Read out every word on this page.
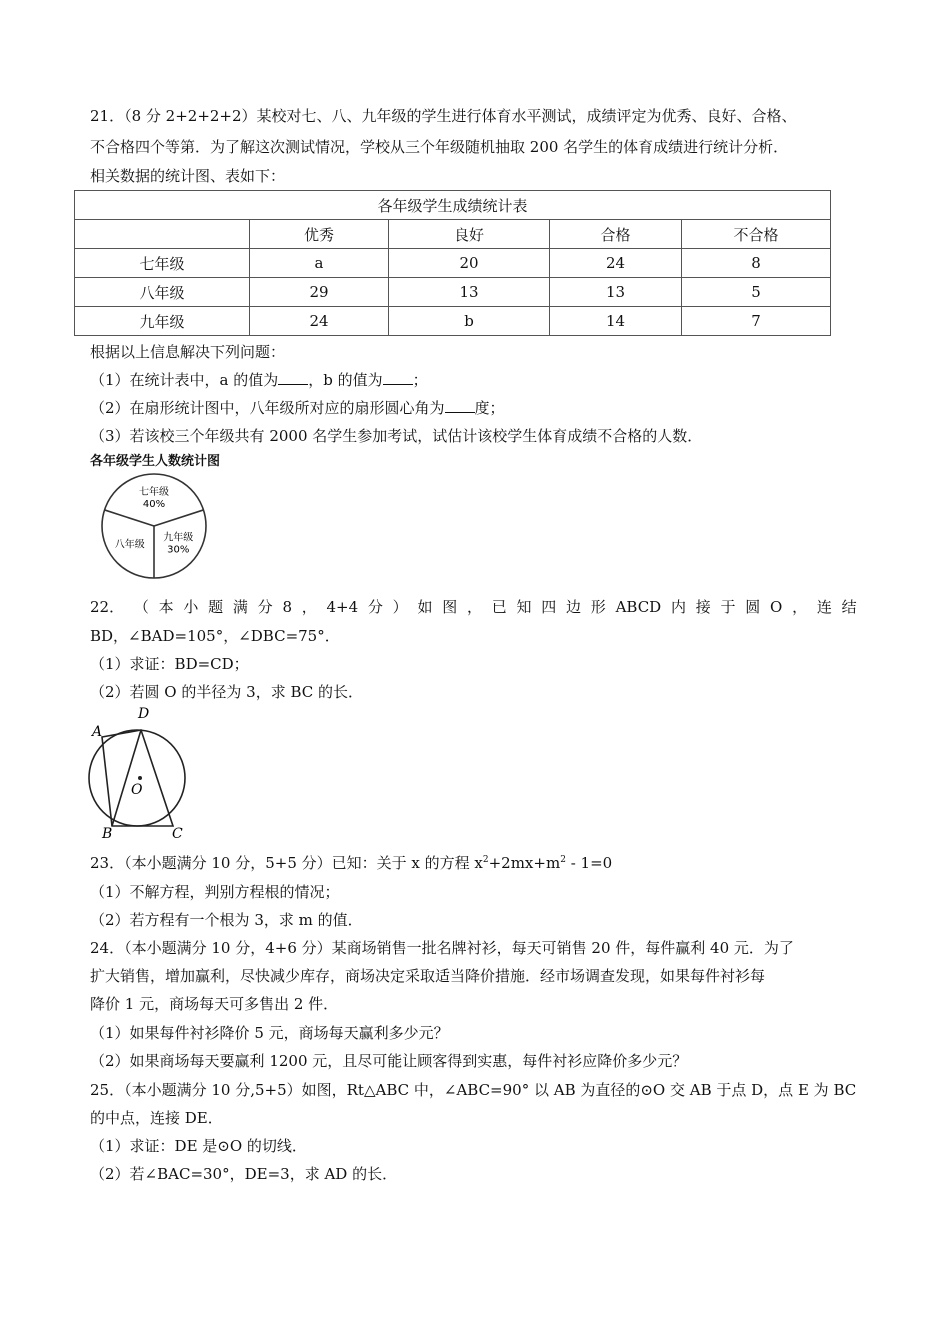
21．（8 分 2+2+2+2）某校对七、八、九年级的学生进行体育水平测试，成绩评定为优秀、良好、合格、
不合格四个等第．为了解这次测试情况，学校从三个年级随机抽取 200 名学生的体育成绩进行统计分析．
相关数据的统计图、表如下：
各年级学生成绩统计表				
	优秀	良好	合格	不合格
七年级	a	20	24	8
八年级	29	13	13	5
九年级	24	b	14	7
根据以上信息解决下列问题：
（1）在统计表中，a 的值为 ，b 的值为 ；
（2）在扇形统计图中，八年级所对应的扇形圆心角为 度；
（3）若该校三个年级共有 2000 名学生参加考试，试估计该校学生体育成绩不合格的人数．
各年级学生人数统计图
七年级
40%
八年级
九年级
30%
22． （ 本 小 题 满 分 8 ， 4+4 分 ） 如 图 ， 已 知 四 边 形 ABCD 内 接 于 圆 O ， 连 结
BD，∠BAD=105°，∠DBC=75°．
（1）求证：BD=CD；
（2）若圆 O 的半径为 3，求 BC 的长．
D
A
O
B	C
23．（本小题满分 10 分，5+5 分）已知：关于 x 的方程 $x^2+2mx+m^2 - 1=0$
（1）不解方程，判别方程根的情况；
（2）若方程有一个根为 3，求 m 的值．
24．（本小题满分 10 分，4+6 分）某商场销售一批名牌衬衫，每天可销售 20 件，每件赢利 40 元．为了
扩大销售，增加赢利，尽快减少库存，商场决定采取适当降价措施．经市场调查发现，如果每件衬衫每
降价 1 元，商场每天可多售出 2 件．
（1）如果每件衬衫降价 5 元，商场每天赢利多少元？
（2）如果商场每天要赢利 1200 元，且尽可能让顾客得到实惠，每件衬衫应降价多少元？
25．（本小题满分 10 分,5+5）如图，Rt△ABC 中，∠ABC=90° 以 AB 为直径的⊙O 交 AB 于点 D，点 E 为 BC
的中点，连接 DE．
（1）求证：DE 是⊙O 的切线．
（2）若∠BAC=30°，DE=3，求 AD 的长．
